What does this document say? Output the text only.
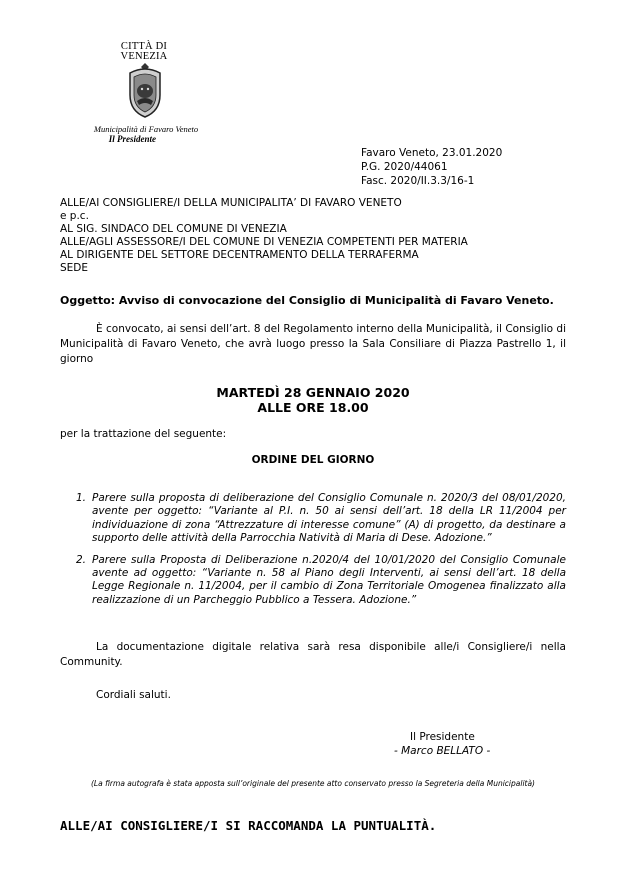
CITTÀ DI
VENEZIA
Municipalità di Favaro Veneto
Il Presidente
Favaro Veneto, 23.01.2020
P.G. 2020/44061
Fasc. 2020/II.3.3/16-1
ALLE/AI CONSIGLIERE/I DELLA MUNICIPALITA’ DI FAVARO VENETO
e p.c.
AL SIG. SINDACO DEL COMUNE DI VENEZIA
ALLE/AGLI ASSESSORE/I DEL COMUNE DI VENEZIA COMPETENTI PER MATERIA
AL DIRIGENTE DEL SETTORE DECENTRAMENTO DELLA TERRAFERMA
SEDE
Oggetto: Avviso di convocazione del Consiglio di Municipalità di Favaro Veneto.
È convocato, ai sensi dell’art. 8 del Regolamento interno della Municipalità, il Consiglio di Municipalità di Favaro Veneto, che avrà luogo presso la Sala Consiliare di Piazza Pastrello 1, il giorno
MARTEDÌ 28 GENNAIO 2020
ALLE ORE 18.00
per la trattazione del seguente:
ORDINE DEL GIORNO
1. Parere sulla proposta di deliberazione del Consiglio Comunale n. 2020/3 del 08/01/2020, avente per oggetto: “Variante al P.I. n. 50 ai sensi dell’art. 18 della LR 11/2004 per individuazione di zona “Attrezzature di interesse comune” (A) di progetto, da destinare a supporto delle attività della Parrocchia Natività di Maria di Dese. Adozione.”
2. Parere sulla Proposta di Deliberazione n.2020/4 del 10/01/2020 del Consiglio Comunale avente ad oggetto: “Variante n. 58 al Piano degli Interventi, ai sensi dell’art. 18 della Legge Regionale n. 11/2004, per il cambio di Zona Territoriale Omogenea finalizzato alla realizzazione di un Parcheggio Pubblico a Tessera. Adozione.”
La documentazione digitale relativa sarà resa disponibile alle/i Consigliere/i nella Community.
Cordiali saluti.
Il Presidente
- Marco BELLATO -
(La firma autografa è stata apposta sull’originale del presente atto conservato presso la Segreteria della Municipalità)
ALLE/AI CONSIGLIERE/I SI RACCOMANDA LA PUNTUALITÀ.
